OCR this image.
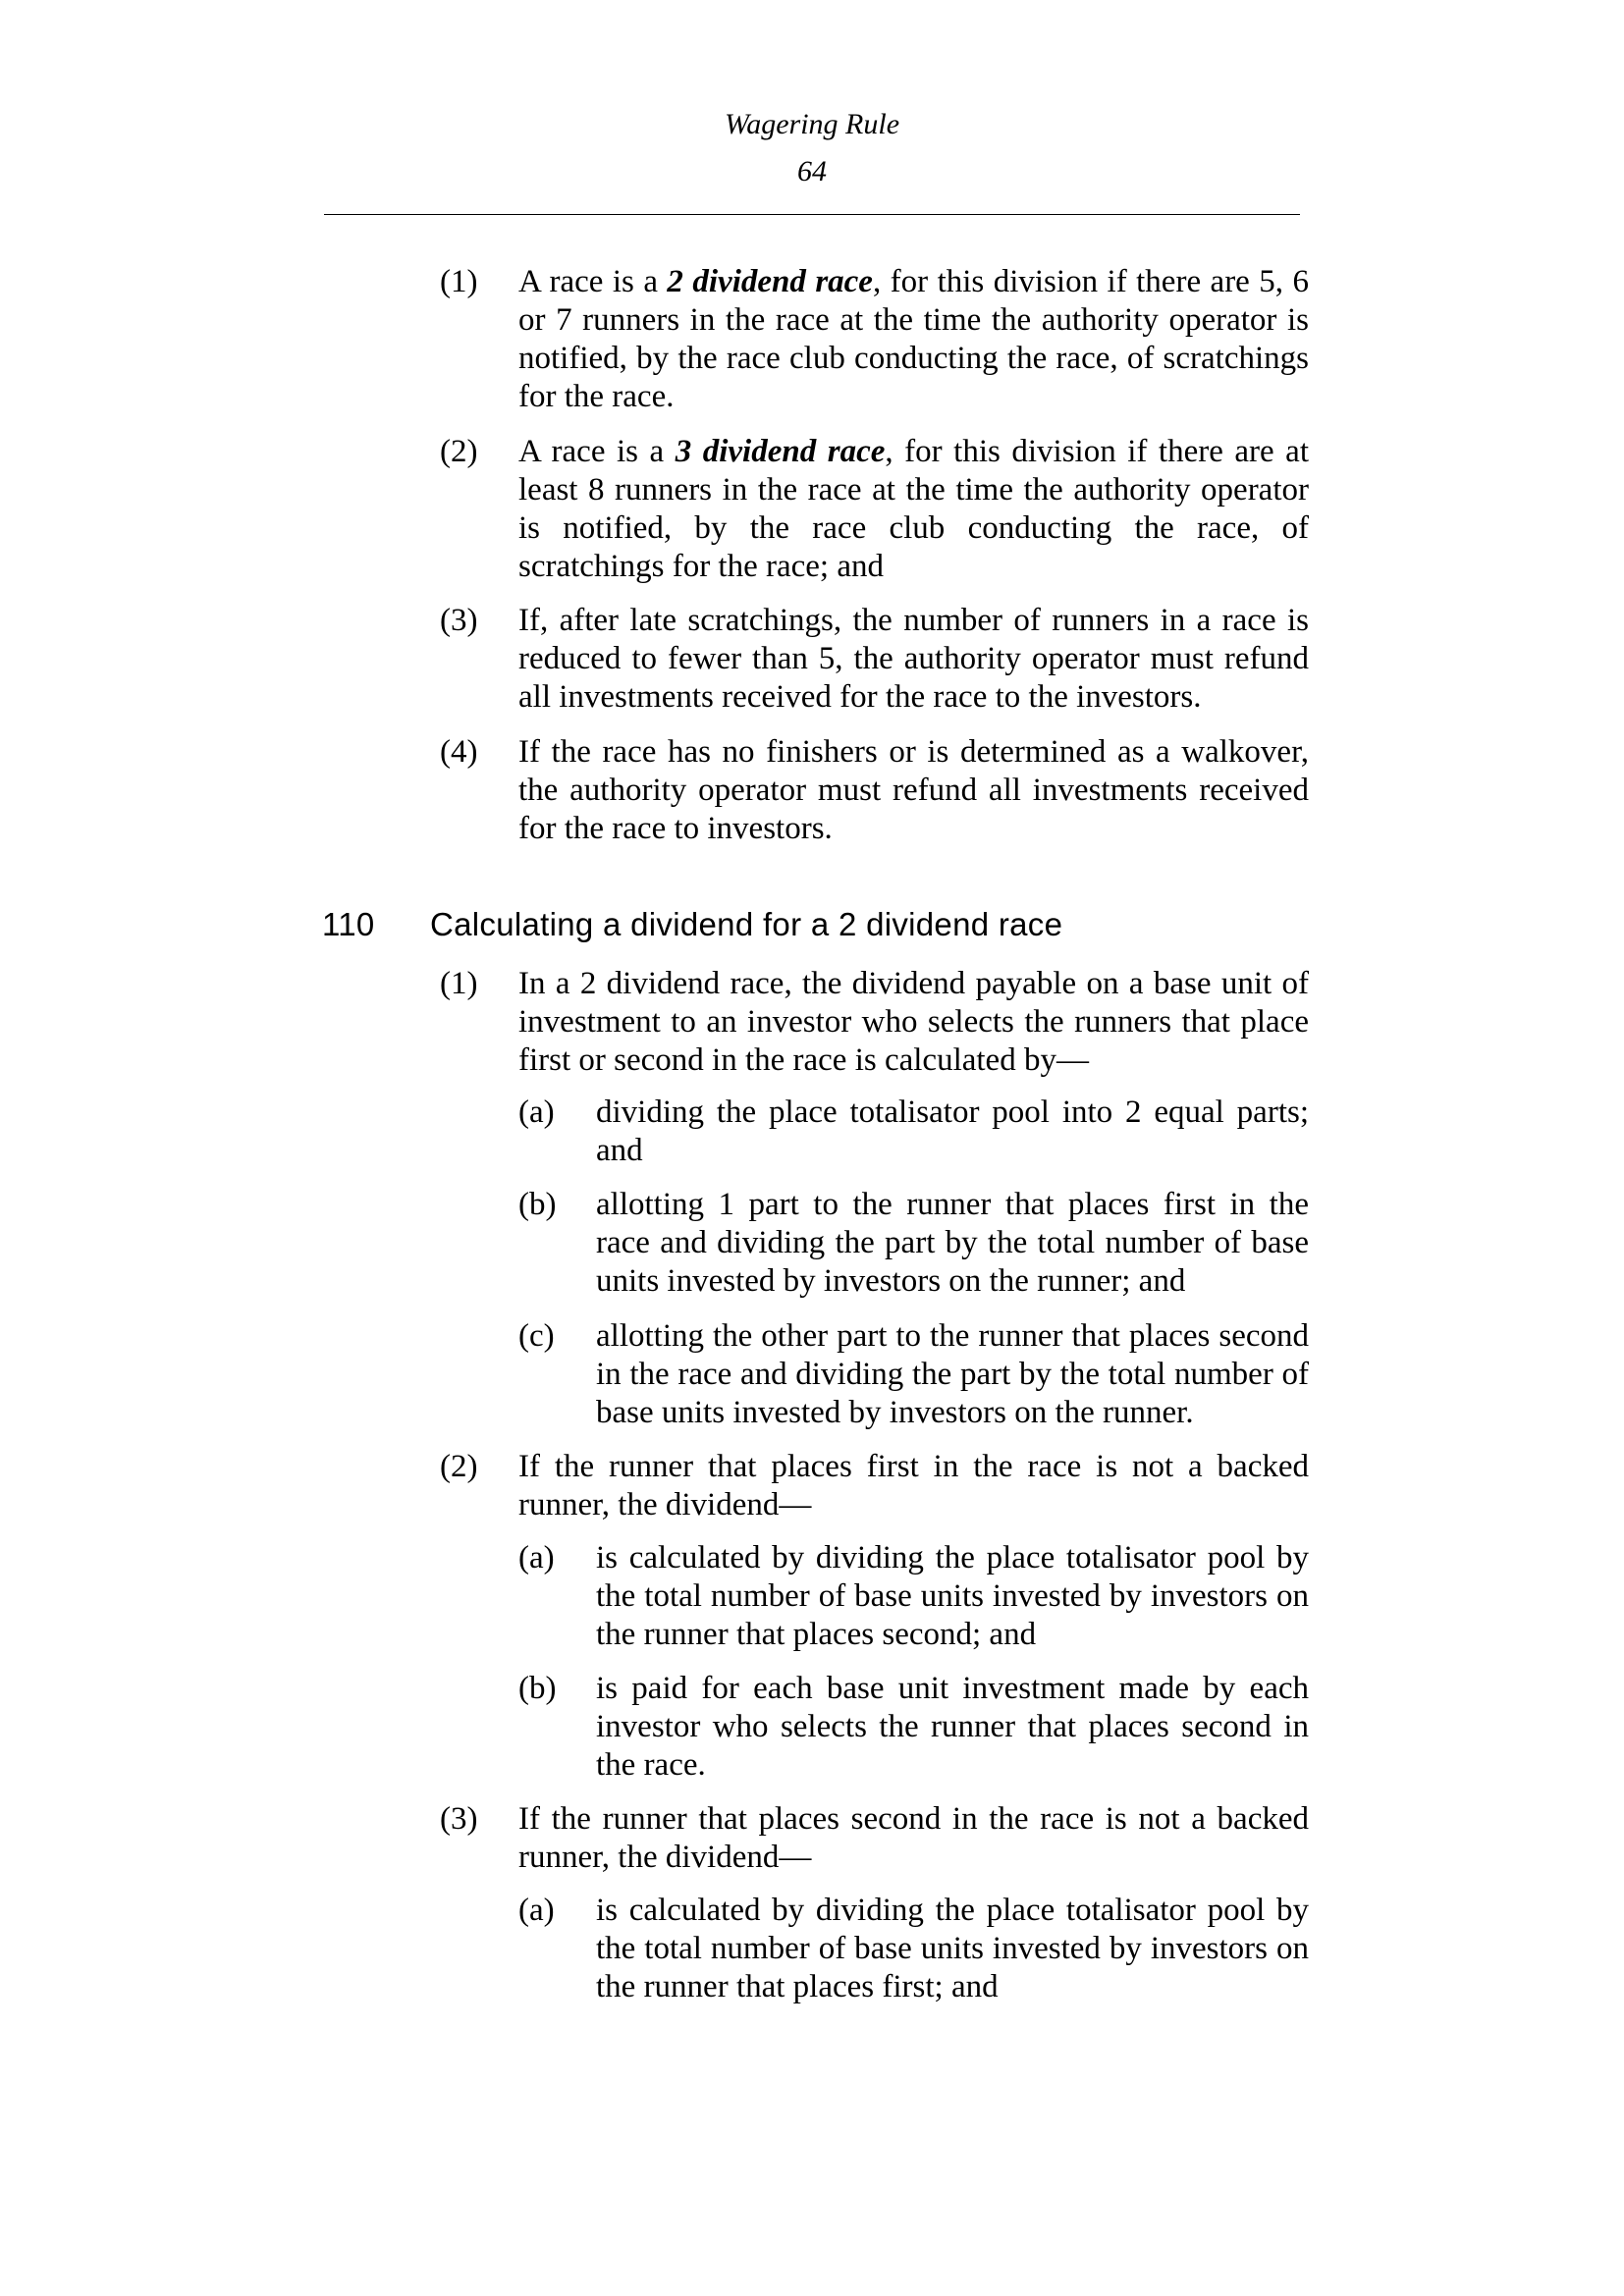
Wagering Rule
64
(1) A race is a 2 dividend race, for this division if there are 5, 6 or 7 runners in the race at the time the authority operator is notified, by the race club conducting the race, of scratchings for the race.
(2) A race is a 3 dividend race, for this division if there are at least 8 runners in the race at the time the authority operator is notified, by the race club conducting the race, of scratchings for the race; and
(3) If, after late scratchings, the number of runners in a race is reduced to fewer than 5, the authority operator must refund all investments received for the race to the investors.
(4) If the race has no finishers or is determined as a walkover, the authority operator must refund all investments received for the race to investors.
110 Calculating a dividend for a 2 dividend race
(1) In a 2 dividend race, the dividend payable on a base unit of investment to an investor who selects the runners that place first or second in the race is calculated by—
(a) dividing the place totalisator pool into 2 equal parts; and
(b) allotting 1 part to the runner that places first in the race and dividing the part by the total number of base units invested by investors on the runner; and
(c) allotting the other part to the runner that places second in the race and dividing the part by the total number of base units invested by investors on the runner.
(2) If the runner that places first in the race is not a backed runner, the dividend—
(a) is calculated by dividing the place totalisator pool by the total number of base units invested by investors on the runner that places second; and
(b) is paid for each base unit investment made by each investor who selects the runner that places second in the race.
(3) If the runner that places second in the race is not a backed runner, the dividend—
(a) is calculated by dividing the place totalisator pool by the total number of base units invested by investors on the runner that places first; and
